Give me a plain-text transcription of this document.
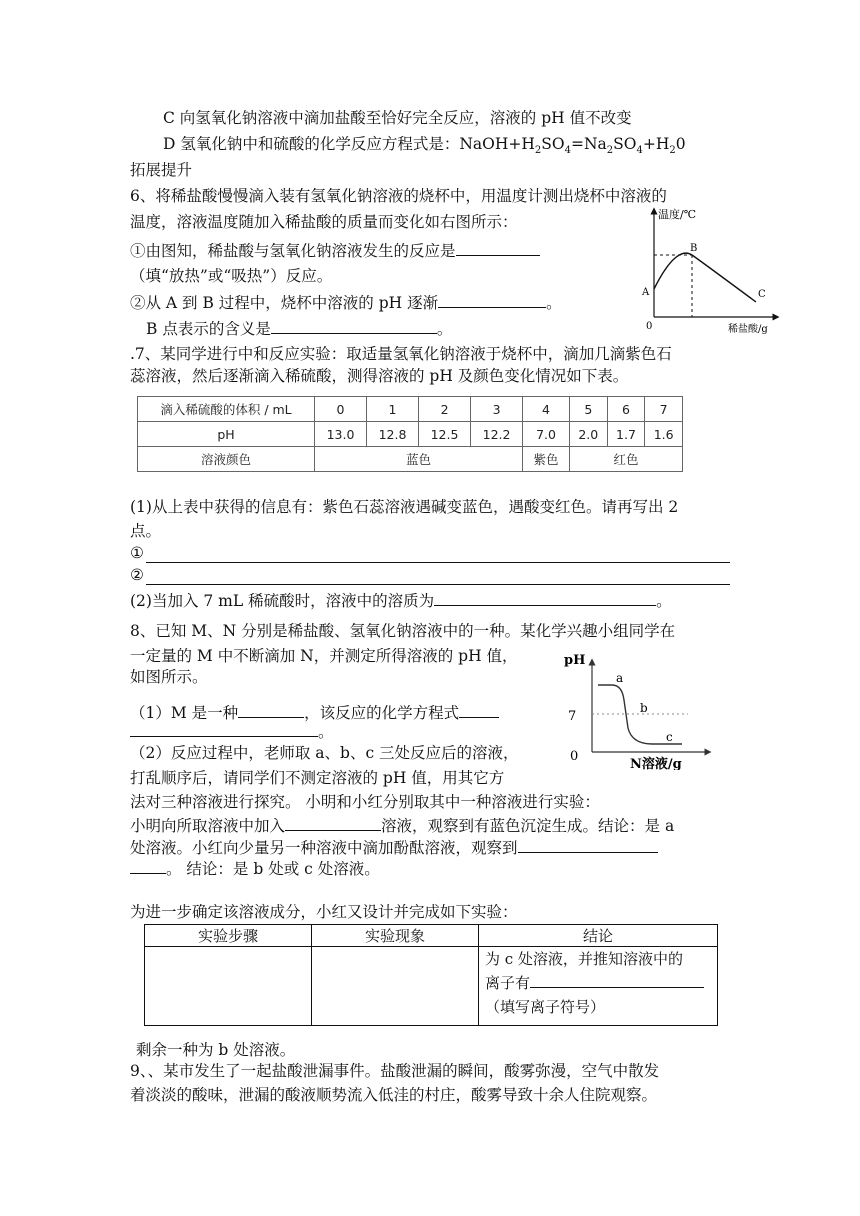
C 向氢氧化钠溶液中滴加盐酸至恰好完全反应，溶液的 pH 值不改变
D 氢氧化钠中和硫酸的化学反应方程式是：$NaOH+H_2SO_4=Na_2SO_4+H_20$
拓展提升
6、将稀盐酸慢慢滴入装有氢氧化钠溶液的烧杯中，用温度计测出烧杯中溶液的
温度，溶液温度随加入稀盐酸的质量而变化如右图所示：
①由图知，稀盐酸与氢氧化钠溶液发生的反应是
（填“放热”或“吸热”）反应。
②从 A 到 B 过程中，烧杯中溶液的 pH 逐渐	。
B 点表示的含义是	。
温度/℃
稀盐酸/g
0
A
B
C
.7、某同学进行中和反应实验：取适量氢氧化钠溶液于烧杯中，滴加几滴紫色石
蕊溶液，然后逐渐滴入稀硫酸，测得溶液的 pH 及颜色变化情况如下表。
滴入稀硫酸的体积 / mL	0	1	2	3	4	5	6	7
pH	13.0	12.8	12.5	12.2	7.0	2.0	1.7	1.6
溶液颜色	蓝色				紫色	红色		
(1)从上表中获得的信息有：紫色石蕊溶液遇碱变蓝色，遇酸变红色。请再写出 2
点。
①
②
(2)当加入 7 mL 稀硫酸时，溶液中的溶质为	。
8、已知 M、N 分别是稀盐酸、氢氧化钠溶液中的一种。某化学兴趣小组同学在
一定量的 M 中不断滴加 N，并测定所得溶液的 pH 值，
如图所示。
（1）M 是一种	，该反应的化学方程式
。
（2）反应过程中，老师取 a、b、c 三处反应后的溶液，
打乱顺序后，请同学们不测定溶液的 pH 值，用其它方
法对三种溶液进行探究。 小明和小红分别取其中一种溶液进行实验：
小明向所取溶液中加入	溶液，观察到有蓝色沉淀生成。结论：是 a
处溶液。小红向少量另一种溶液中滴加酚酞溶液，观察到
。 结论：是 b 处或 c 处溶液。
pH
7
0
N溶液/g
a
b
c
为进一步确定该溶液成分，小红又设计并完成如下实验：
实验步骤	实验现象	结论

		为 c 处溶液，并推知溶液中的
离子有
（填写离子符号）
剩余一种为 b 处溶液。
9、、某市发生了一起盐酸泄漏事件。盐酸泄漏的瞬间，酸雾弥漫，空气中散发
着淡淡的酸味，泄漏的酸液顺势流入低洼的村庄，酸雾导致十余人住院观察。
